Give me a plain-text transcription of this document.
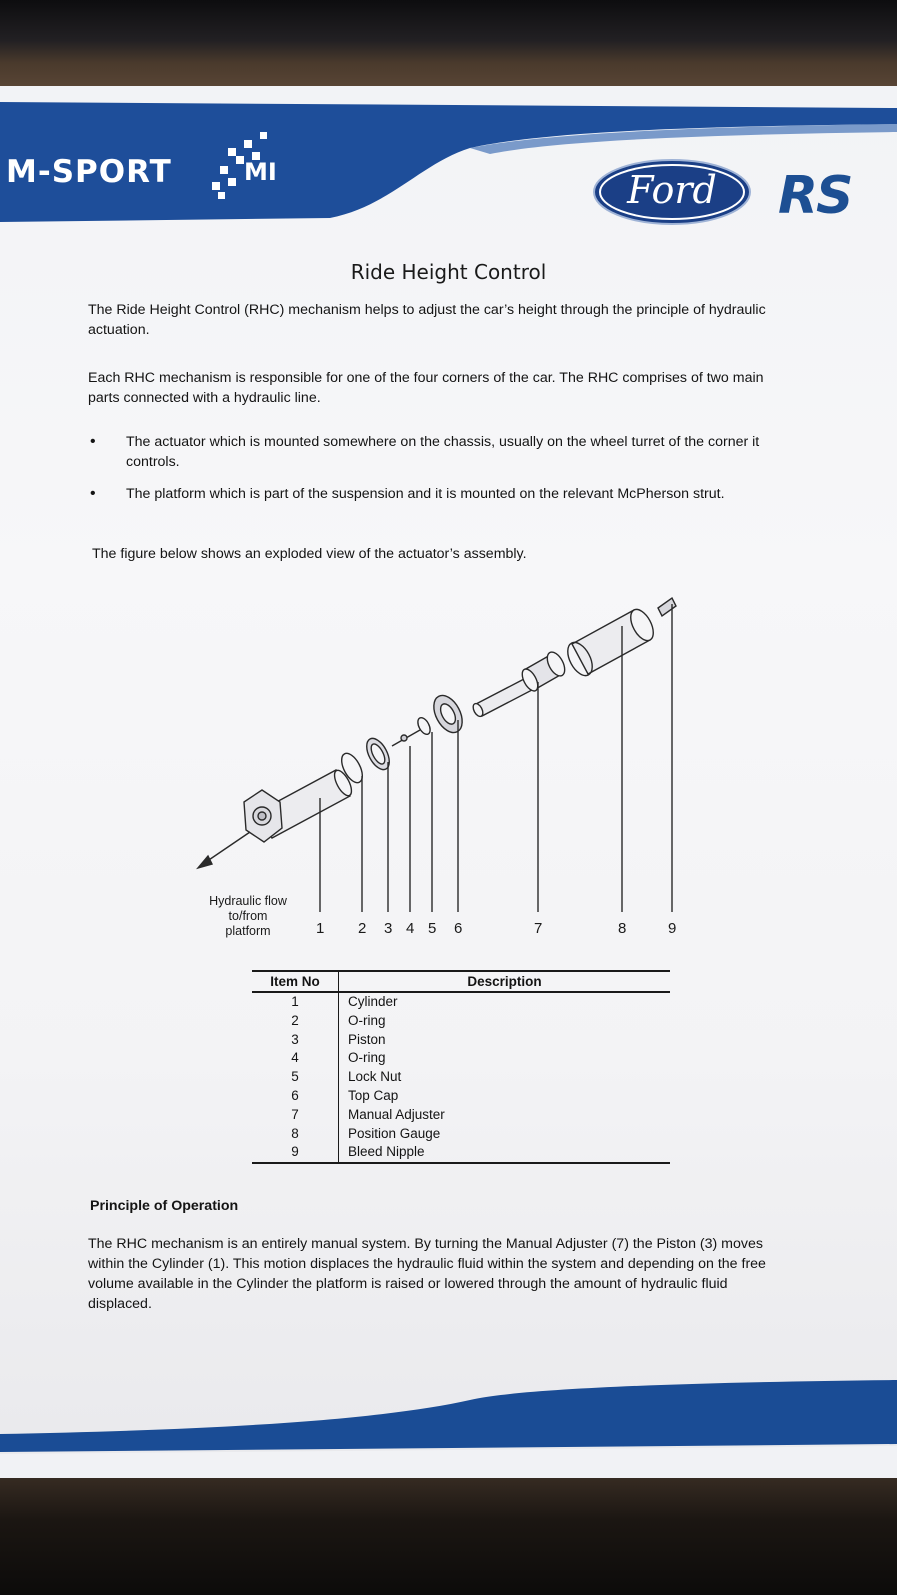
M-SPORT	MI	Ford RS
Ride Height Control
The Ride Height Control (RHC) mechanism helps to adjust the car’s height through the principle of hydraulic actuation.
Each RHC mechanism is responsible for one of the four corners of the car. The RHC comprises of two main parts connected with a hydraulic line.
• The actuator which is mounted somewhere on the chassis, usually on the wheel turret of the corner it controls.
• The platform which is part of the suspension and it is mounted on the relevant McPherson strut.
The figure below shows an exploded view of the actuator’s assembly.
Hydraulic flow
to/from
platform	1 2 3 4 5 6	7	8	9
Item No	Description
1	Cylinder
2	O-ring
3	Piston
4	O-ring
5	Lock Nut
6	Top Cap
7	Manual Adjuster
8	Position Gauge
9	Bleed Nipple
Principle of Operation
The RHC mechanism is an entirely manual system. By turning the Manual Adjuster (7) the Piston (3) moves within the Cylinder (1). This motion displaces the hydraulic fluid within the system and depending on the free volume available in the Cylinder the platform is raised or lowered through the amount of hydraulic fluid displaced.
